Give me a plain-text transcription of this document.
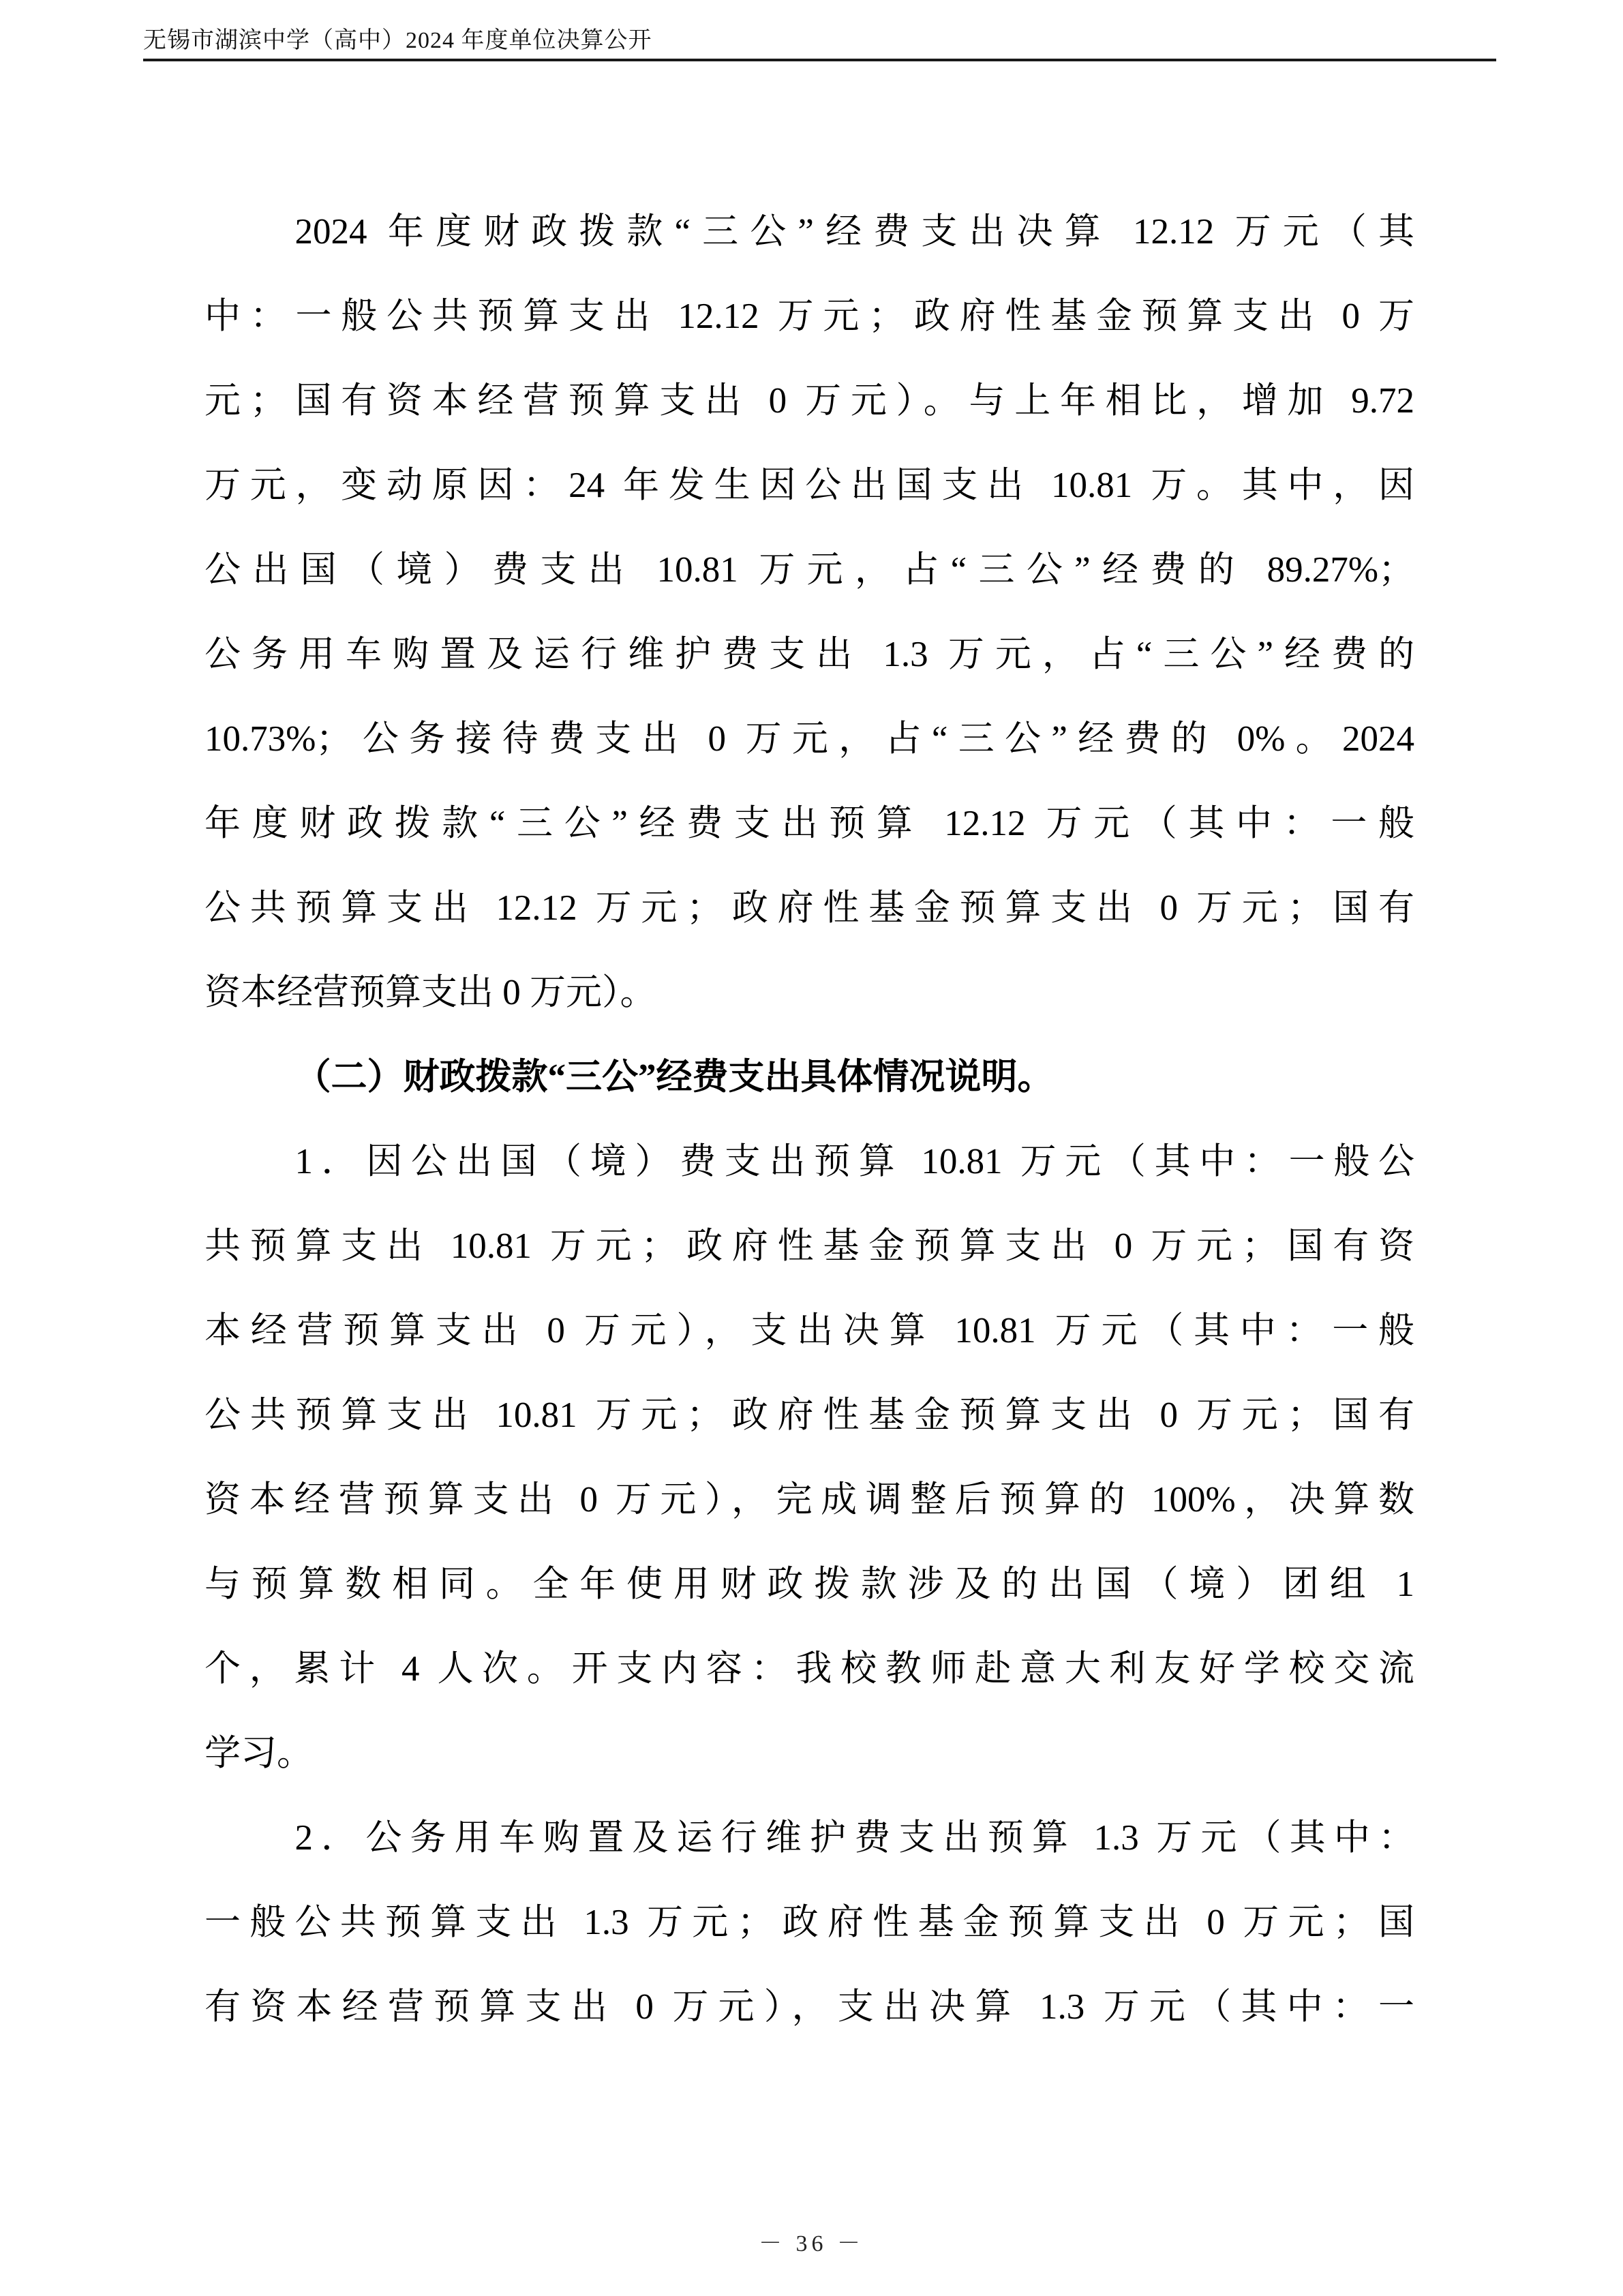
无锡市湖滨中学（高中）2024 年度单位决算公开
2024 年度财政拨款“三公”经费支出决算 12.12 万元（其
中：一般公共预算支出 12.12 万元；政府性基金预算支出 0 万
元；国有资本经营预算支出 0 万元）。与上年相比，增加 9.72
万元，变动原因：24 年发生因公出国支出 10.81 万。其中，因
公出国（境）费支出 10.81 万元，占“三公”经费的 89.27%；
公务用车购置及运行维护费支出 1.3 万元，占“三公”经费的
10.73%；公务接待费支出 0 万元，占“三公”经费的 0%。2024
年度财政拨款“三公”经费支出预算 12.12 万元（其中：一般
公共预算支出 12.12 万元；政府性基金预算支出 0 万元；国有
资本经营预算支出 0 万元）。
（二）财政拨款“三公”经费支出具体情况说明。
1．因公出国（境）费支出预算 10.81 万元（其中：一般公
共预算支出 10.81 万元；政府性基金预算支出 0 万元；国有资
本经营预算支出 0 万元），支出决算 10.81 万元（其中：一般
公共预算支出 10.81 万元；政府性基金预算支出 0 万元；国有
资本经营预算支出 0 万元），完成调整后预算的 100%，决算数
与预算数相同。全年使用财政拨款涉及的出国（境）团组 1
个，累计 4 人次。开支内容：我校教师赴意大利友好学校交流
学习。
2．公务用车购置及运行维护费支出预算 1.3 万元（其中：
一般公共预算支出 1.3 万元；政府性基金预算支出 0 万元；国
有资本经营预算支出 0 万元），支出决算 1.3 万元（其中：一
－ 36 －
